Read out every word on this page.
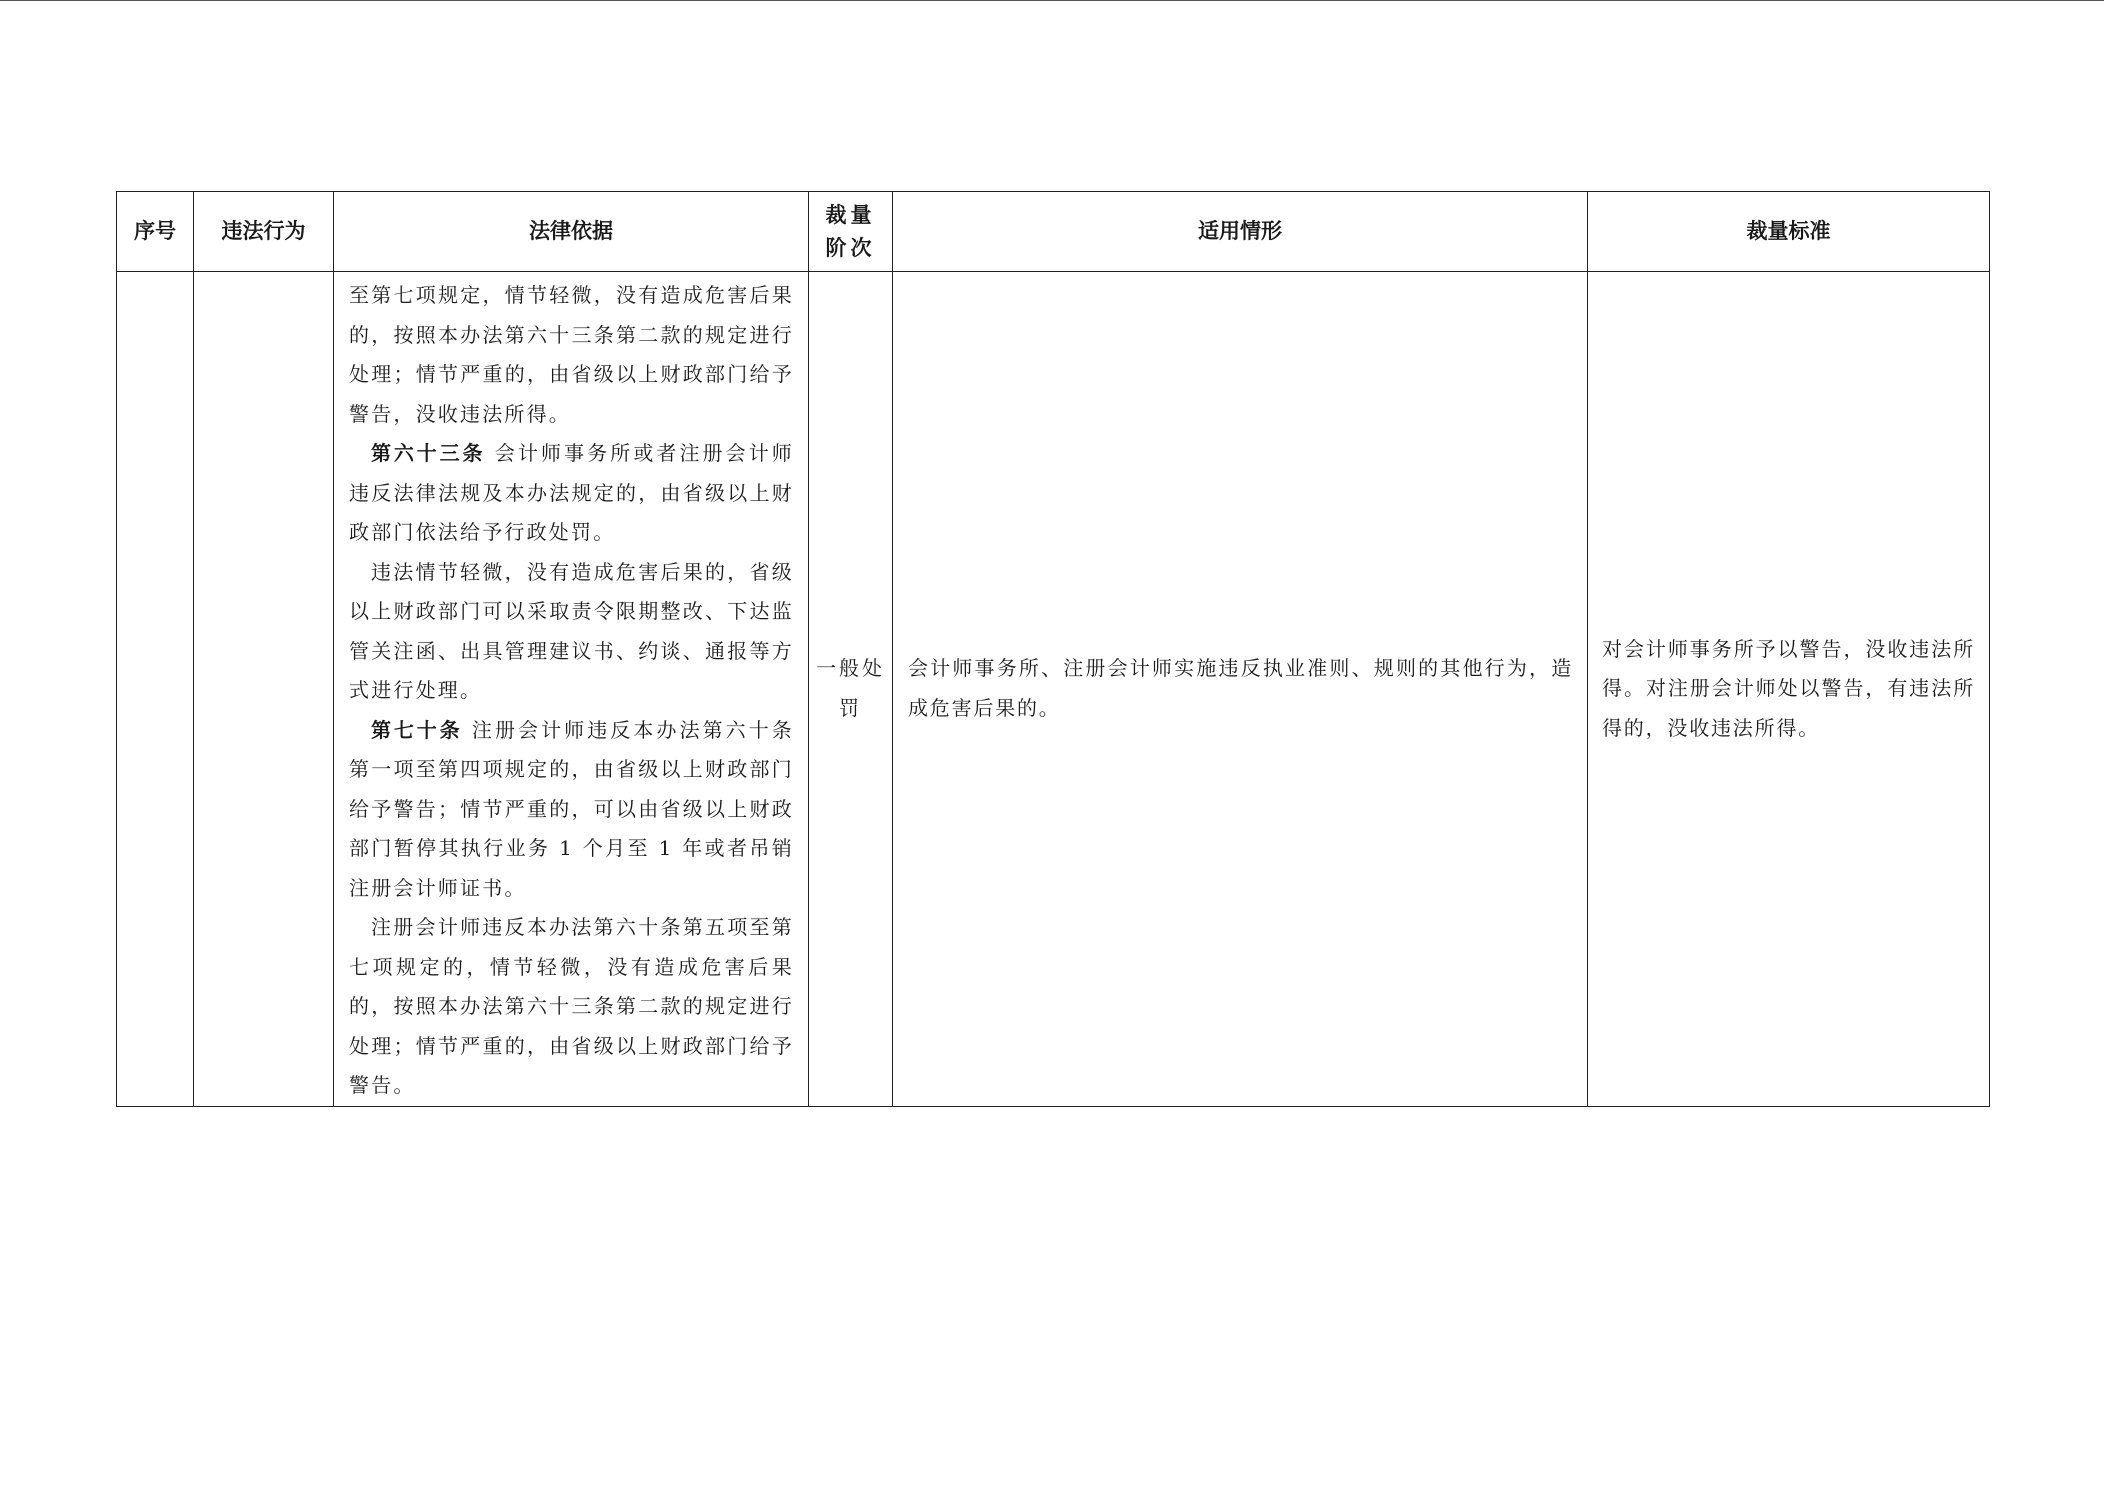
序号	违法行为	法律依据	裁量阶次	适用情形	裁量标准

		至第七项规定，情节轻微，没有造成危害后果的，按照本办法第六十三条第二款的规定进行处理；情节严重的，由省级以上财政部门给予警告，没收违法所得。

第六十三条 会计师事务所或者注册会计师违反法律法规及本办法规定的，由省级以上财政部门依法给予行政处罚。

违法情节轻微，没有造成危害后果的，省级以上财政部门可以采取责令限期整改、下达监管关注函、出具管理建议书、约谈、通报等方式进行处理。

第七十条 注册会计师违反本办法第六十条第一项至第四项规定的，由省级以上财政部门给予警告；情节严重的，可以由省级以上财政部门暂停其执行业务 1 个月至 1 年或者吊销注册会计师证书。

注册会计师违反本办法第六十条第五项至第七项规定的，情节轻微，没有造成危害后果的，按照本办法第六十三条第二款的规定进行处理；情节严重的，由省级以上财政部门给予警告。	一般处罚	会计师事务所、注册会计师实施违反执业准则、规则的其他行为，造成危害后果的。	对会计师事务所予以警告，没收违法所得。对注册会计师处以警告，有违法所得的，没收违法所得。
